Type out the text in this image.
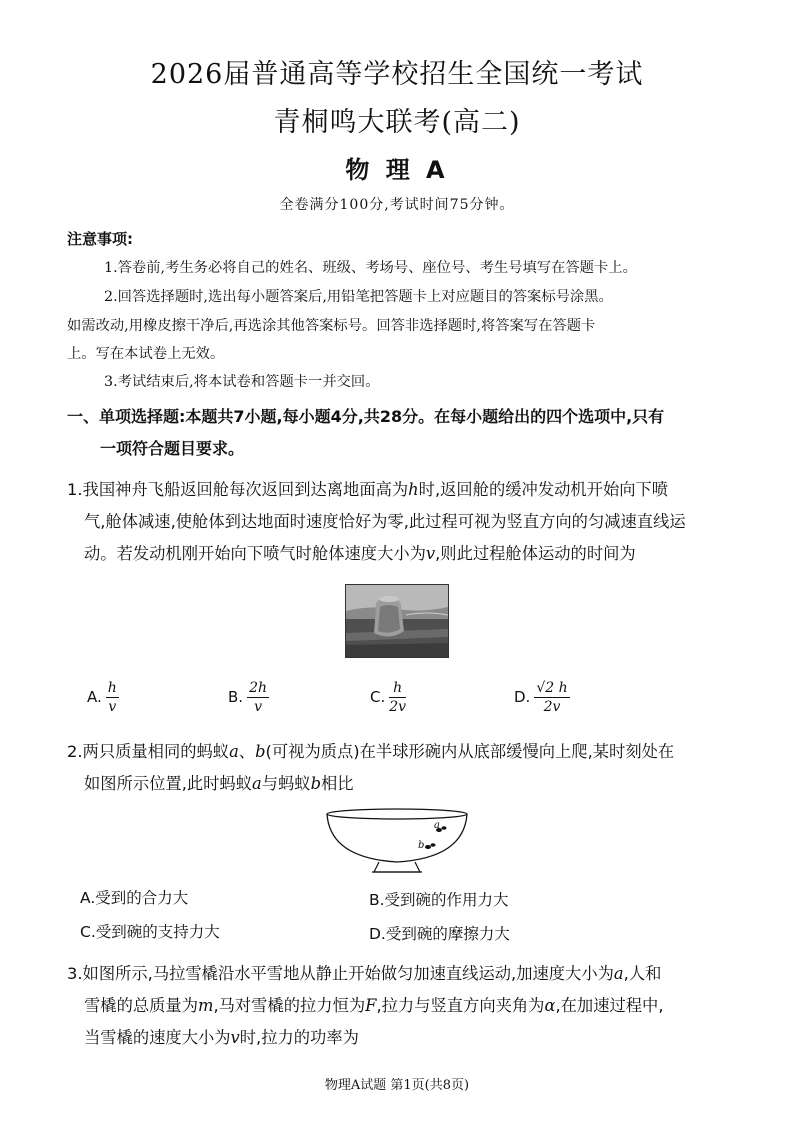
2026届普通高等学校招生全国统一考试
青桐鸣大联考(高二)
物 理 A
全卷满分100分,考试时间75分钟。
注意事项:
1.答卷前,考生务必将自己的姓名、班级、考场号、座位号、考生号填写在答题卡上。
2.回答选择题时,选出每小题答案后,用铅笔把答题卡上对应题目的答案标号涂黑。
如需改动,用橡皮擦干净后,再选涂其他答案标号。回答非选择题时,将答案写在答题卡
上。写在本试卷上无效。
3.考试结束后,将本试卷和答题卡一并交回。
一、单项选择题:本题共7小题,每小题4分,共28分。在每小题给出的四个选项中,只有
一项符合题目要求。
1.我国神舟飞船返回舱每次返回到达离地面高为h时,返回舱的缓冲发动机开始向下喷
气,舱体减速,使舱体到达地面时速度恰好为零,此过程可视为竖直方向的匀减速直线运
动。若发动机刚开始向下喷气时舱体速度大小为v,则此过程舱体运动的时间为
A. $\frac{h}{v}$	B. $\frac{2h}{v}$	C. $\frac{h}{2v}$	D. $\frac{√2 h}{2v}$
2.两只质量相同的蚂蚁a、b(可视为质点)在半球形碗内从底部缓慢向上爬,某时刻处在
如图所示位置,此时蚂蚁a与蚂蚁b相比
a
b
A.受到的合力大	B.受到碗的作用力大
C.受到碗的支持力大	D.受到碗的摩擦力大
3.如图所示,马拉雪橇沿水平雪地从静止开始做匀加速直线运动,加速度大小为a,人和
雪橇的总质量为m,马对雪橇的拉力恒为F,拉力与竖直方向夹角为α,在加速过程中,
当雪橇的速度大小为v时,拉力的功率为
物理A试题 第1页(共8页)
